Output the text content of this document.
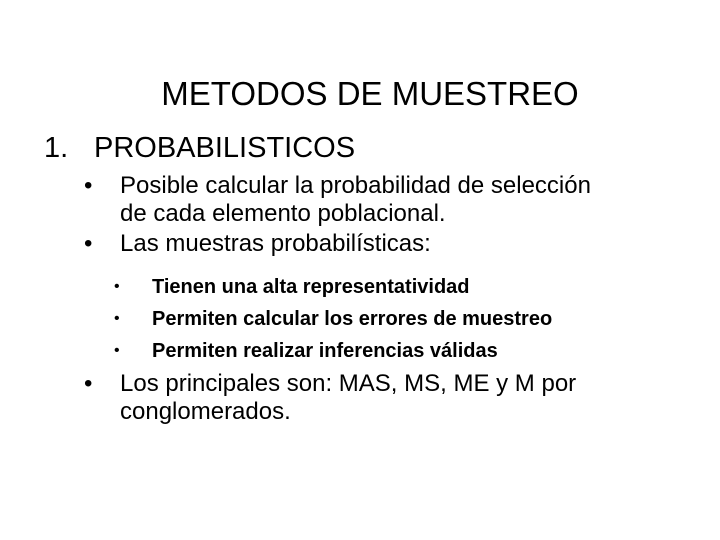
METODOS DE MUESTREO
1. PROBABILISTICOS
•	Posible calcular la probabilidad de selección
de cada elemento poblacional.
•	Las muestras probabilísticas:
• Tienen una alta representatividad
• Permiten calcular los errores de muestreo
• Permiten realizar inferencias válidas
•	Los principales son: MAS, MS, ME y M por
conglomerados.
